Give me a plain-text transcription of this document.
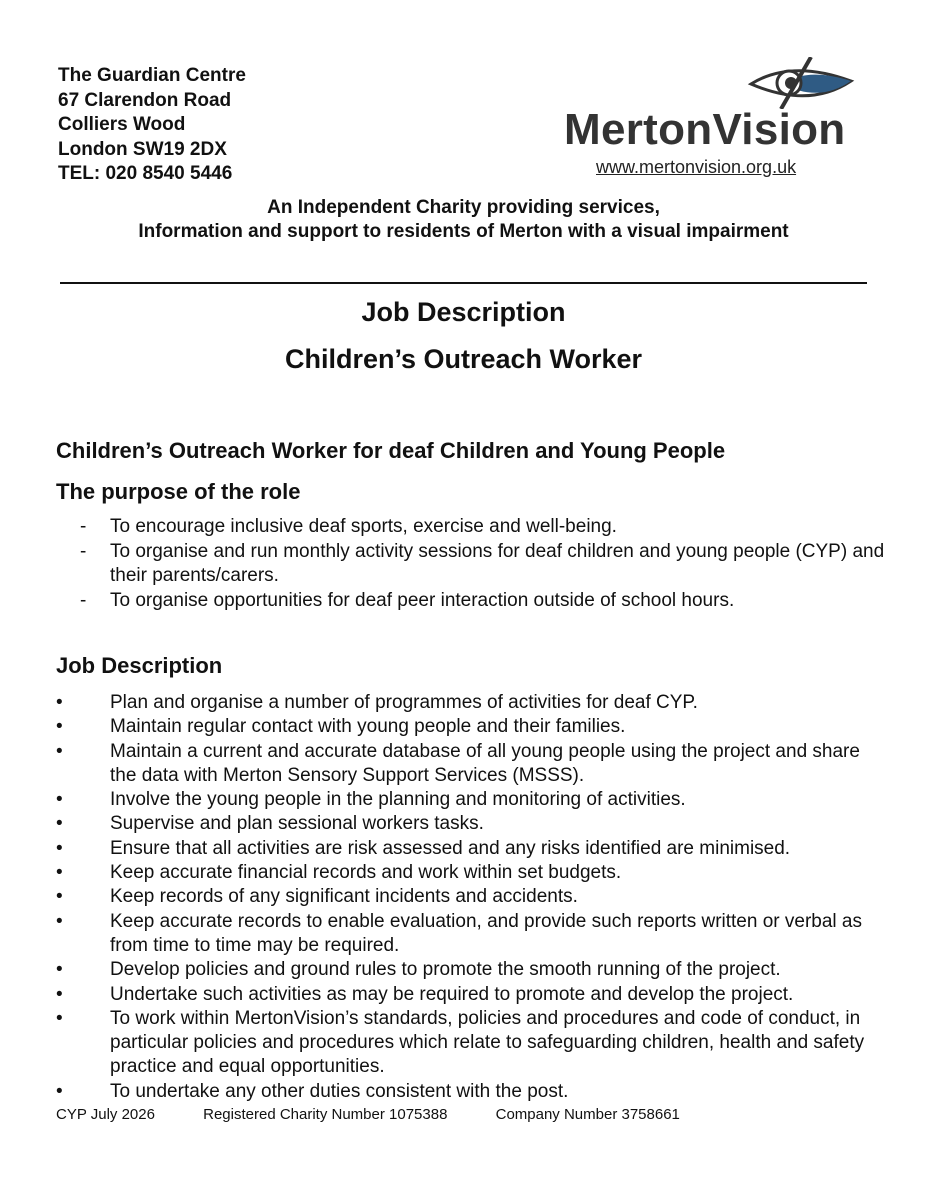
The Guardian Centre
67 Clarendon Road
Colliers Wood
London SW19 2DX
TEL: 020 8540 5446
MertonVision
www.mertonvision.org.uk
An Independent Charity providing services,
Information and support to residents of Merton with a visual impairment
Job Description
Children’s Outreach Worker
Children’s Outreach Worker for deaf Children and Young People
The purpose of the role
- To encourage inclusive deaf sports, exercise and well-being.
- To organise and run monthly activity sessions for deaf children and young people (CYP) and their parents/carers.
- To organise opportunities for deaf peer interaction outside of school hours.
Job Description
• Plan and organise a number of programmes of activities for deaf CYP.
• Maintain regular contact with young people and their families.
• Maintain a current and accurate database of all young people using the project and share the data with Merton Sensory Support Services (MSSS).
• Involve the young people in the planning and monitoring of activities.
• Supervise and plan sessional workers tasks.
• Ensure that all activities are risk assessed and any risks identified are minimised.
• Keep accurate financial records and work within set budgets.
• Keep records of any significant incidents and accidents.
• Keep accurate records to enable evaluation, and provide such reports written or verbal as from time to time may be required.
• Develop policies and ground rules to promote the smooth running of the project.
• Undertake such activities as may be required to promote and develop the project.
• To work within MertonVision’s standards, policies and procedures and code of conduct, in particular policies and procedures which relate to safeguarding children, health and safety practice and equal opportunities.
• To undertake any other duties consistent with the post.
CYP July 2026	Registered Charity Number 1075388	Company Number 3758661
